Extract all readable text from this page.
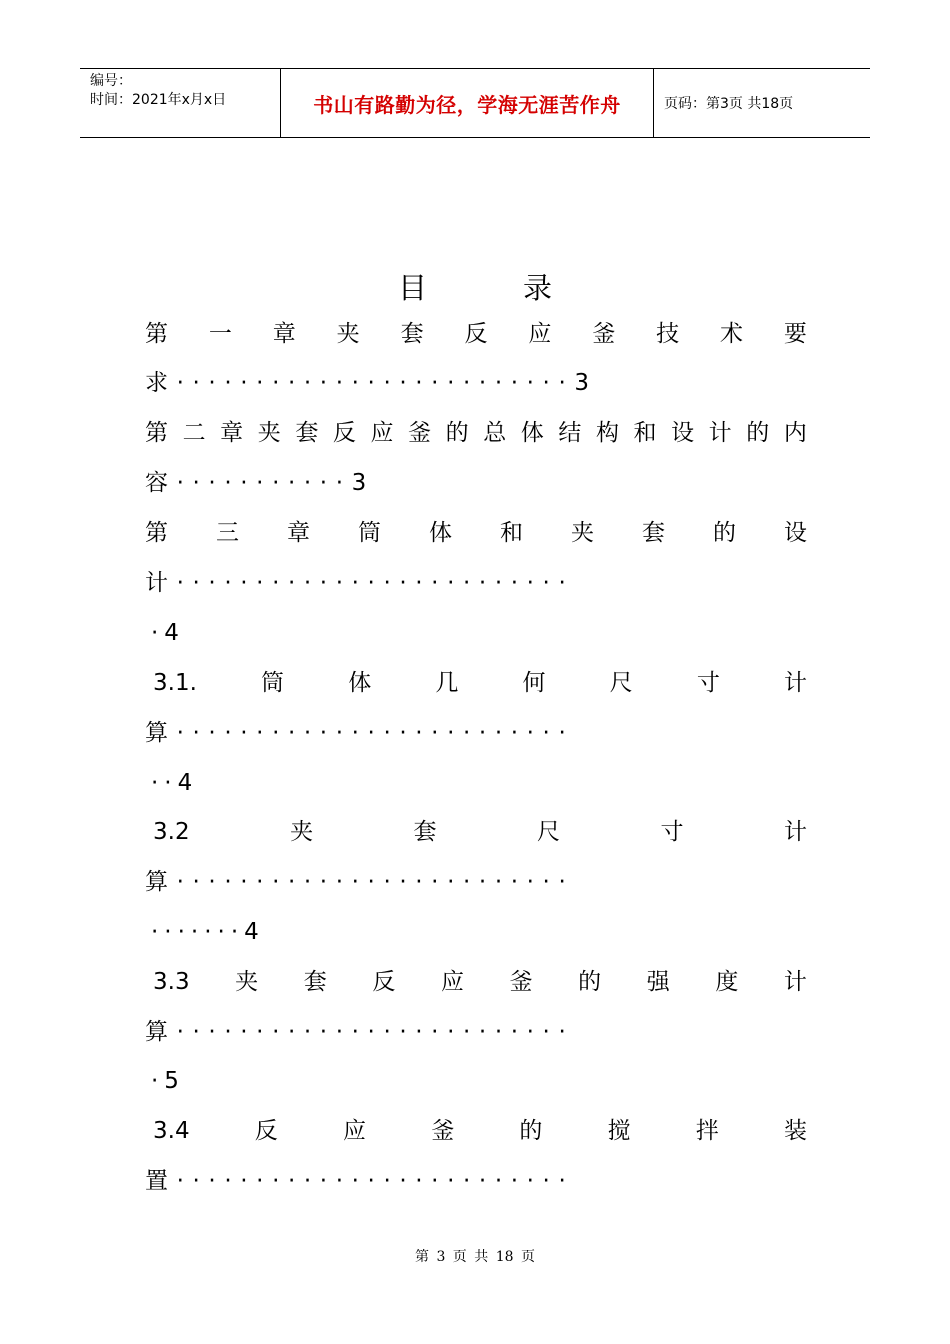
编号：
时间：2021年x月x日	书山有路勤为径，学海无涯苦作舟	页码：第3页 共18页
目	录
第 一 章 夹 套 反 应 釜 技 术 要
求·························3
第 二 章 夹 套 反 应 釜 的 总 体 结 构 和 设 计 的 内
容···········3
第 三 章 筒 体 和 夹 套 的 设
计·························
·4
3.1.	筒	体	几	何	尺	寸	计
算·························
··4
3.2	夹	套	尺	寸	计
算·························
·······4
3.3 夹 套 反 应 釜 的 强 度 计
算·························
·5
3.4	反	应	釜	的	搅	拌	装
置·························
第 3 页 共 18 页
